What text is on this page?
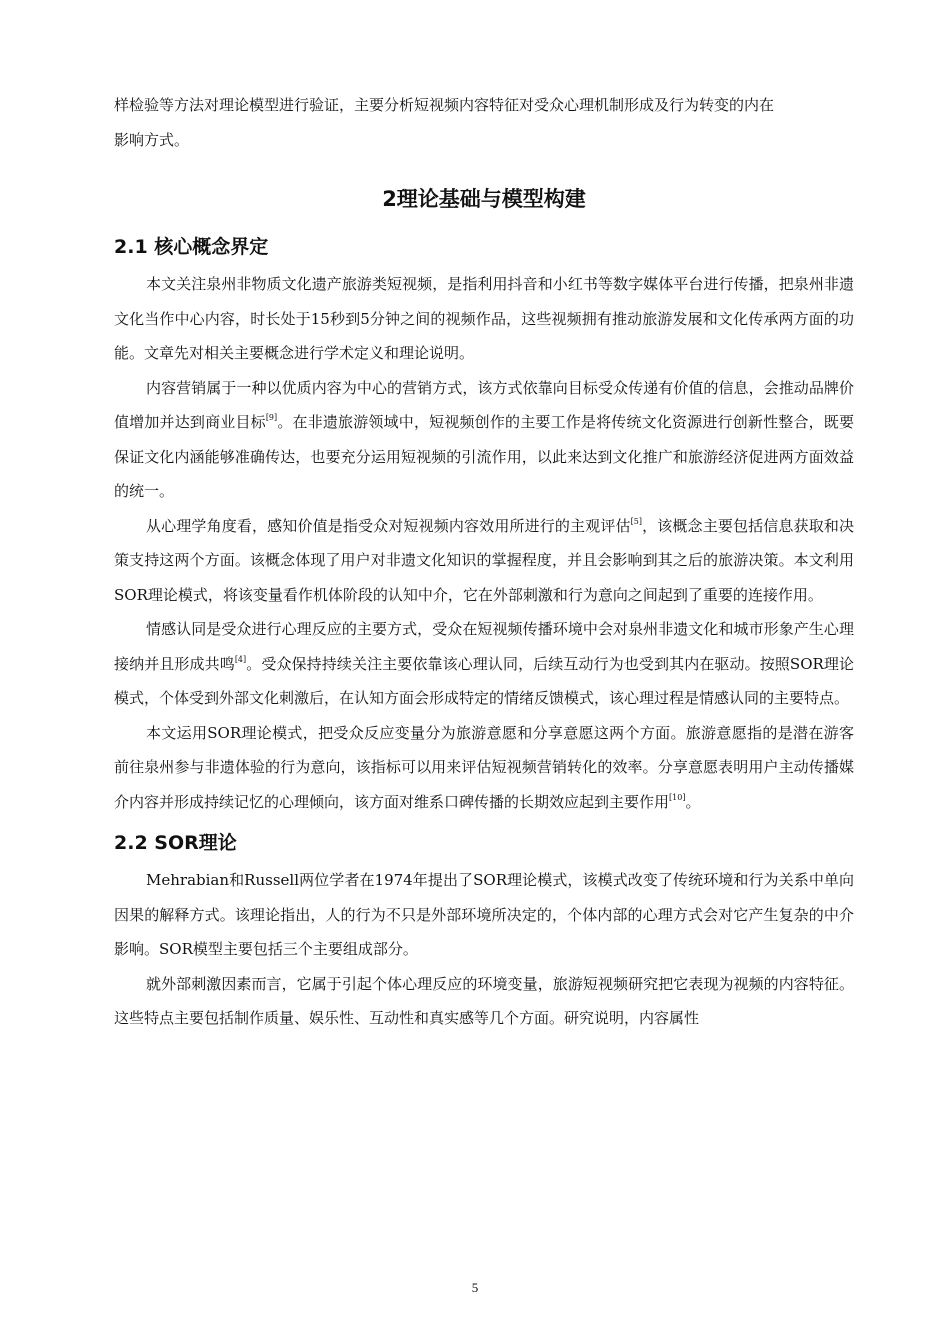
样检验等方法对理论模型进行验证，主要分析短视频内容特征对受众心理机制形成及行为转变的内在
影响方式。

2理论基础与模型构建
2.1 核心概念界定

本文关注泉州非物质文化遗产旅游类短视频，是指利用抖音和小红书等数字媒体平台进行传播，把泉州非遗文化当作中心内容，时长处于15秒到5分钟之间的视频作品，这些视频拥有推动旅游发展和文化传承两方面的功能。文章先对相关主要概念进行学术定义和理论说明。

内容营销属于一种以优质内容为中心的营销方式，该方式依靠向目标受众传递有价值的信息，会推动品牌价值增加并达到商业目标[9]。在非遗旅游领域中，短视频创作的主要工作是将传统文化资源进行创新性整合，既要保证文化内涵能够准确传达，也要充分运用短视频的引流作用，以此来达到文化推广和旅游经济促进两方面效益的统一。

从心理学角度看，感知价值是指受众对短视频内容效用所进行的主观评估[5]，该概念主要包括信息获取和决策支持这两个方面。该概念体现了用户对非遗文化知识的掌握程度，并且会影响到其之后的旅游决策。本文利用SOR理论模式，将该变量看作机体阶段的认知中介，它在外部刺激和行为意向之间起到了重要的连接作用。

情感认同是受众进行心理反应的主要方式，受众在短视频传播环境中会对泉州非遗文化和城市形象产生心理接纳并且形成共鸣[4]。受众保持持续关注主要依靠该心理认同，后续互动行为也受到其内在驱动。按照SOR理论模式，个体受到外部文化刺激后，在认知方面会形成特定的情绪反馈模式，该心理过程是情感认同的主要特点。

本文运用SOR理论模式，把受众反应变量分为旅游意愿和分享意愿这两个方面。旅游意愿指的是潜在游客前往泉州参与非遗体验的行为意向，该指标可以用来评估短视频营销转化的效率。分享意愿表明用户主动传播媒介内容并形成持续记忆的心理倾向，该方面对维系口碑传播的长期效应起到主要作用[10]。

2.2 SOR理论

Mehrabian和Russell两位学者在1974年提出了SOR理论模式，该模式改变了传统环境和行为关系中单向因果的解释方式。该理论指出，人的行为不只是外部环境所决定的，个体内部的心理方式会对它产生复杂的中介影响。SOR模型主要包括三个主要组成部分。

就外部刺激因素而言，它属于引起个体心理反应的环境变量，旅游短视频研究把它表现为视频的内容特征。这些特点主要包括制作质量、娱乐性、互动性和真实感等几个方面。研究说明，内容属性

5
